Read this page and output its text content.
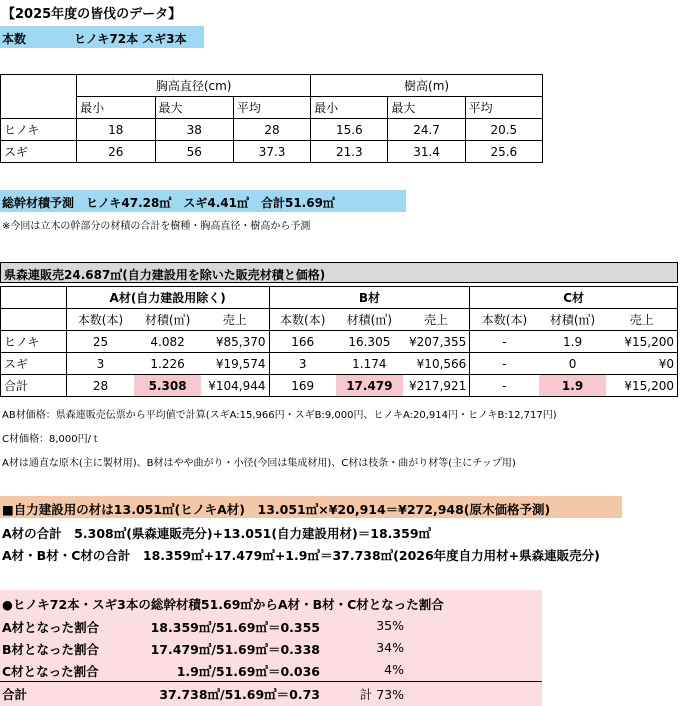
【2025年度の皆伐のデータ】
本数	ヒノキ72本 スギ3本
	胸高直径(cm)			樹高(m)		
	最小	最大	平均	最小	最大	平均
ヒノキ	18	38	28	15.6	24.7	20.5
スギ	26	56	37.3	21.3	31.4	25.6
総幹材積予測　ヒノキ47.28㎥　スギ4.41㎥　合計51.69㎥
※今回は立木の幹部分の材積の合計を樹種・胸高直径・樹高から予測
県森連販売24.687㎥(自力建設用を除いた販売材積と価格)
	A材(自力建設用除く)			B材			C材		
	本数(本)	材積(㎥)	売上	本数(本)	材積(㎥)	売上	本数(本)	材積(㎥)	売上
ヒノキ	25	4.082	¥85,370	166	16.305	¥207,355	-	1.9	¥15,200
スギ	3	1.226	¥19,574	3	1.174	¥10,566	-	0	¥0
合計	28	5.308	¥104,944	169	17.479	¥217,921	-	1.9	¥15,200
AB材価格：県森連販売伝票から平均値で計算(スギA:15,966円・スギB:9,000円、ヒノキA:20,914円・ヒノキB:12,717円)
C材価格：8,000円/ｔ
A材は通直な原木(主に製材用)、B材はやや曲がり・小径(今回は集成材用)、C材は枝条・曲がり材等(主にチップ用)
■自力建設用の材は13.051㎥(ヒノキA材)　13.051㎥×¥20,914＝¥272,948(原木価格予測)
A材の合計　5.308㎥(県森連販売分)+13.051(自力建設用材)＝18.359㎥
A材・B材・C材の合計　18.359㎥+17.479㎥+1.9㎥＝37.738㎥(2026年度自力用材+県森連販売分)
●ヒノキ72本・スギ3本の総幹材積51.69㎥からA材・B材・C材となった割合
A材となった割合	18.359㎥/51.69㎥＝0.355	35%
B材となった割合	17.479㎥/51.69㎥＝0.338	34%
C材となった割合	1.9㎥/51.69㎥＝0.036	4%
合計	37.738㎥/51.69㎥＝0.73	計 73%
